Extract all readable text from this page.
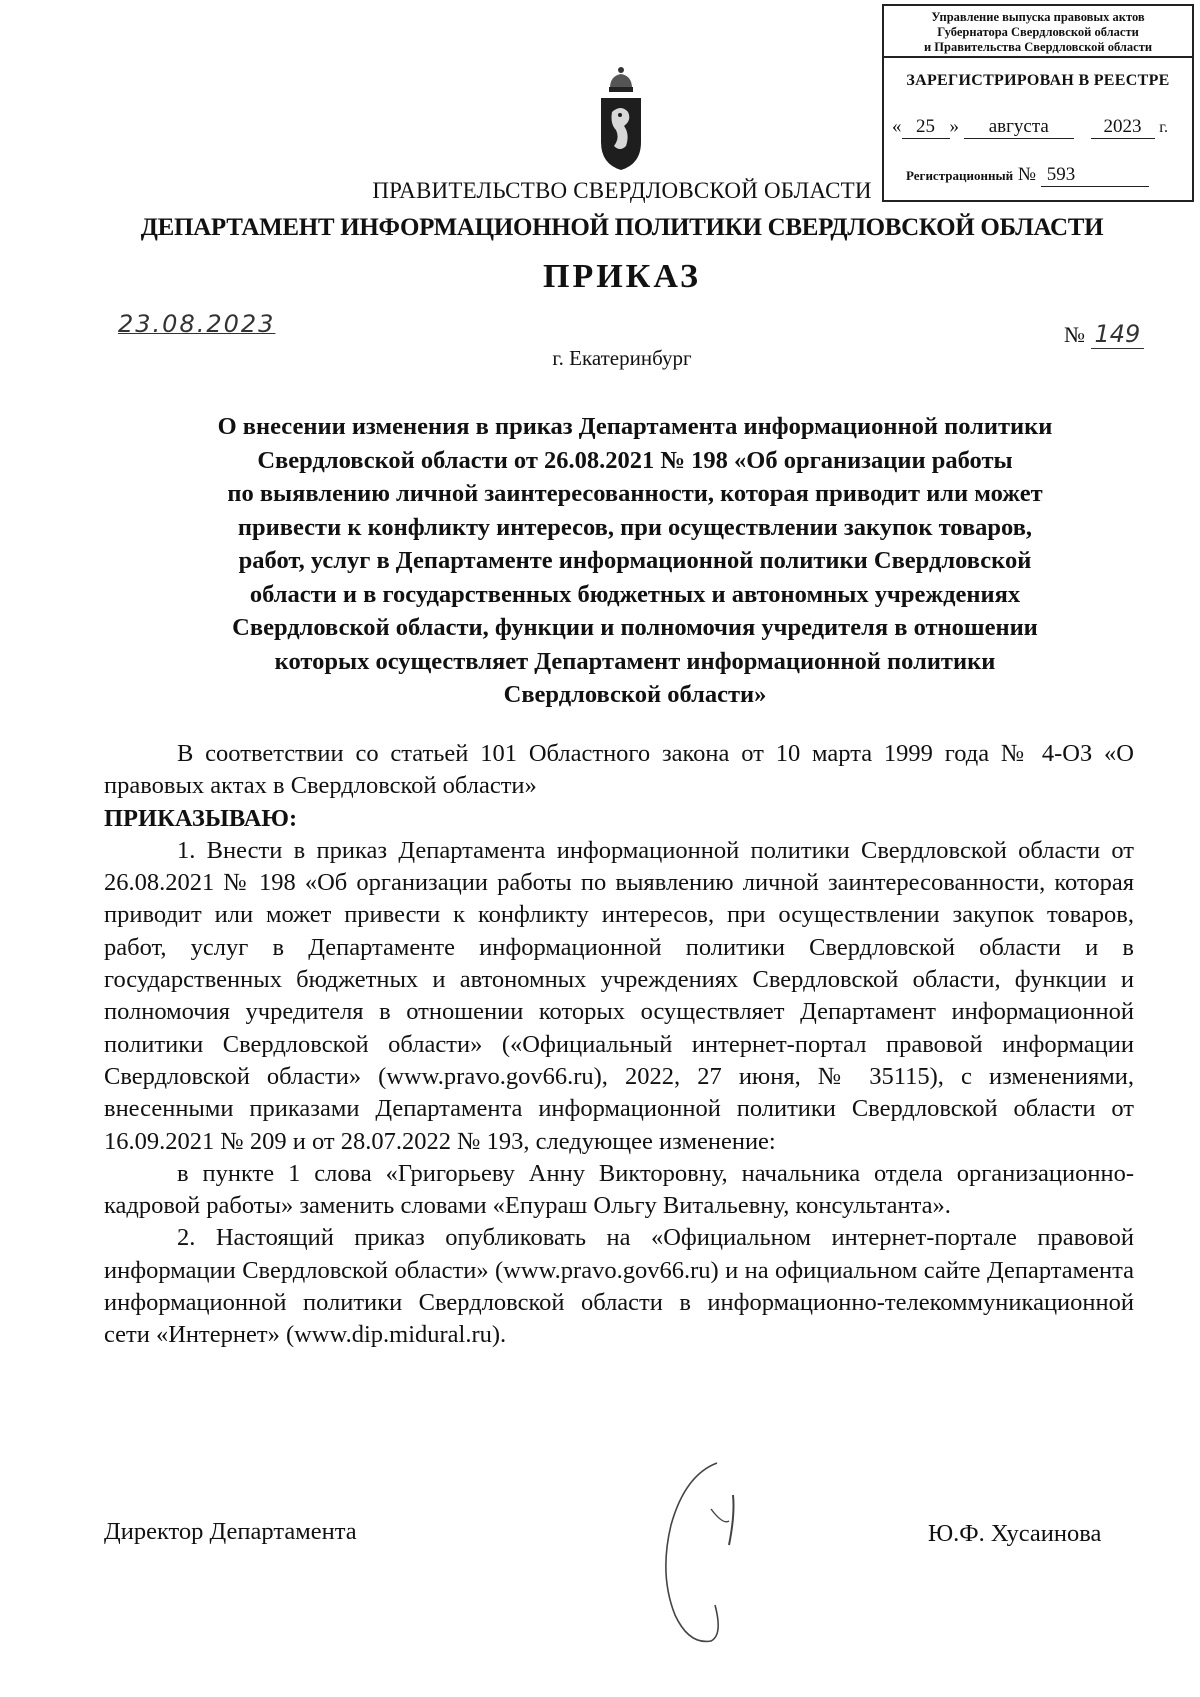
Управление выпуска правовых актов
Губернатора Свердловской области
и Правительства Свердловской области
ЗАРЕГИСТРИРОВАН В РЕЕСТРЕ
« 25 » августа	2023 г.
Регистрационный № 593
ПРАВИТЕЛЬСТВО СВЕРДЛОВСКОЙ ОБЛАСТИ
ДЕПАРТАМЕНТ ИНФОРМАЦИОННОЙ ПОЛИТИКИ СВЕРДЛОВСКОЙ ОБЛАСТИ
ПРИКАЗ
23.08.2023	№ 149
г. Екатеринбург
О внесении изменения в приказ Департамента информационной политики
Свердловской области от 26.08.2021 № 198 «Об организации работы
по выявлению личной заинтересованности, которая приводит или может
привести к конфликту интересов, при осуществлении закупок товаров,
работ, услуг в Департаменте информационной политики Свердловской
области и в государственных бюджетных и автономных учреждениях
Свердловской области, функции и полномочия учредителя в отношении
которых осуществляет Департамент информационной политики
Свердловской области»

В соответствии со статьей 101 Областного закона от 10 марта 1999 года № 4-ОЗ «О правовых актах в Свердловской области»

ПРИКАЗЫВАЮ:

1. Внести в приказ Департамента информационной политики Свердловской области от 26.08.2021 № 198 «Об организации работы по выявлению личной заинтересованности, которая приводит или может привести к конфликту интересов, при осуществлении закупок товаров, работ, услуг в Департаменте информационной политики Свердловской области и в государственных бюджетных и автономных учреждениях Свердловской области, функции и полномочия учредителя в отношении которых осуществляет Департамент информационной политики Свердловской области» («Официальный интернет-портал правовой информации Свердловской области» (www.pravo.gov66.ru), 2022, 27 июня, № 35115), с изменениями, внесенными приказами Департамента информационной политики Свердловской области от 16.09.2021 № 209 и от 28.07.2022 № 193, следующее изменение:

в пункте 1 слова «Григорьеву Анну Викторовну, начальника отдела организационно-кадровой работы» заменить словами «Епураш Ольгу Витальевну, консультанта».

2. Настоящий приказ опубликовать на «Официальном интернет-портале правовой информации Свердловской области» (www.pravo.gov66.ru) и на официальном сайте Департамента информационной политики Свердловской области в информационно-телекоммуникационной сети «Интернет» (www.dip.midural.ru).

Директор Департамента	Ю.Ф. Хусаинова
